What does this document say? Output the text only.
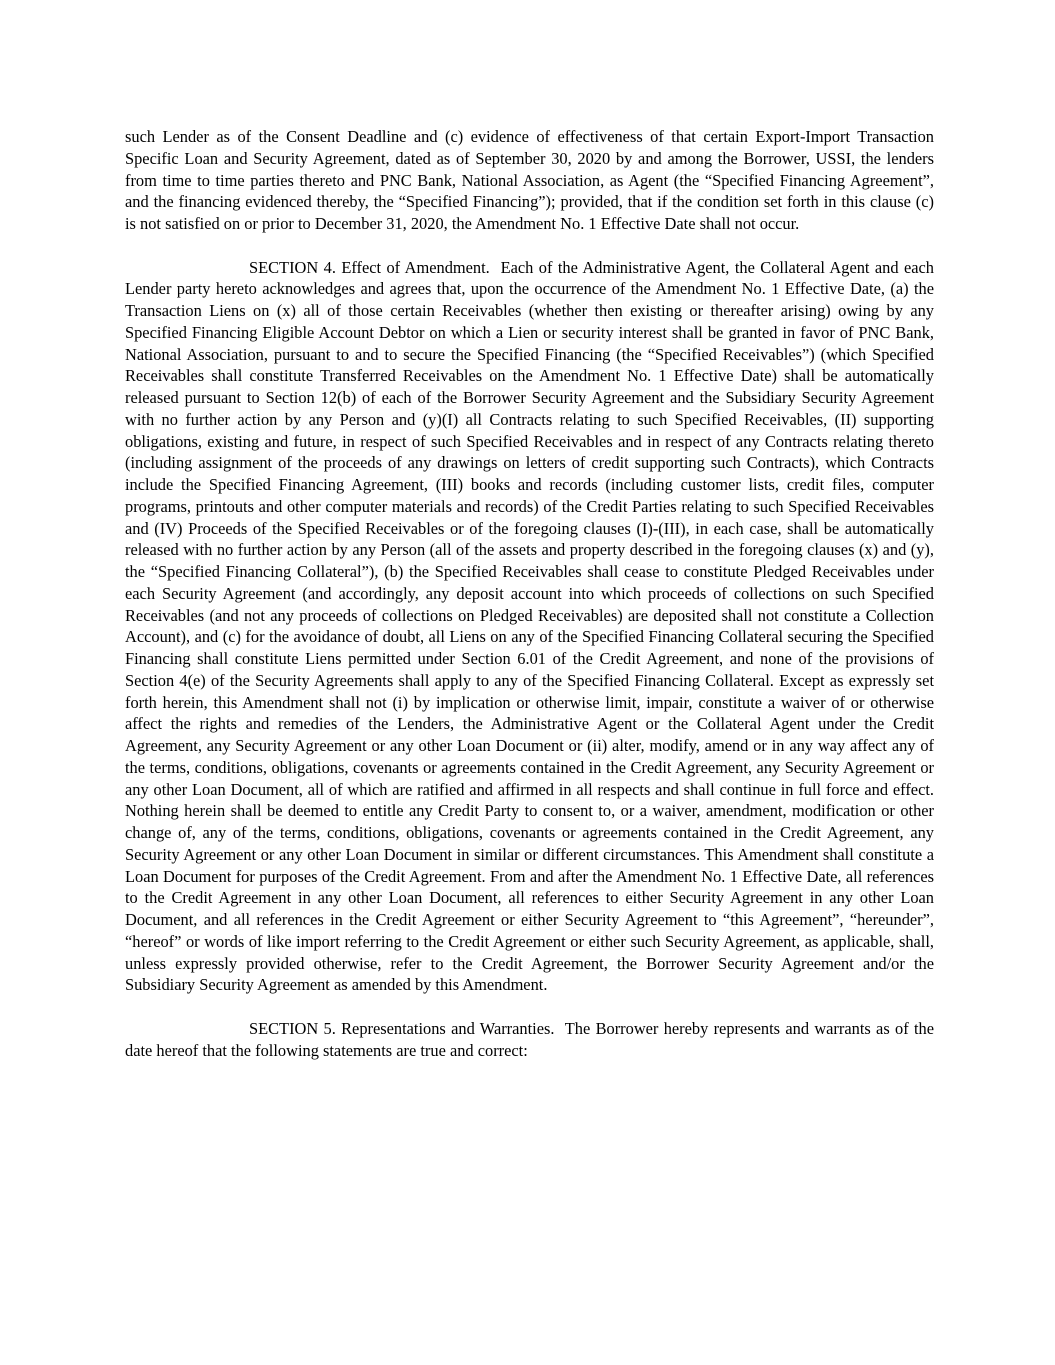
such Lender as of the Consent Deadline and (c) evidence of effectiveness of that certain Export-Import Transaction Specific Loan and Security Agreement, dated as of September 30, 2020 by and among the Borrower, USSI, the lenders from time to time parties thereto and PNC Bank, National Association, as Agent (the “Specified Financing Agreement”, and the financing evidenced thereby, the “Specified Financing”); provided, that if the condition set forth in this clause (c) is not satisfied on or prior to December 31, 2020, the Amendment No. 1 Effective Date shall not occur.

SECTION 4. Effect of Amendment. Each of the Administrative Agent, the Collateral Agent and each Lender party hereto acknowledges and agrees that, upon the occurrence of the Amendment No. 1 Effective Date, (a) the Transaction Liens on (x) all of those certain Receivables (whether then existing or thereafter arising) owing by any Specified Financing Eligible Account Debtor on which a Lien or security interest shall be granted in favor of PNC Bank, National Association, pursuant to and to secure the Specified Financing (the “Specified Receivables”) (which Specified Receivables shall constitute Transferred Receivables on the Amendment No. 1 Effective Date) shall be automatically released pursuant to Section 12(b) of each of the Borrower Security Agreement and the Subsidiary Security Agreement with no further action by any Person and (y)(I) all Contracts relating to such Specified Receivables, (II) supporting obligations, existing and future, in respect of such Specified Receivables and in respect of any Contracts relating thereto (including assignment of the proceeds of any drawings on letters of credit supporting such Contracts), which Contracts include the Specified Financing Agreement, (III) books and records (including customer lists, credit files, computer programs, printouts and other computer materials and records) of the Credit Parties relating to such Specified Receivables and (IV) Proceeds of the Specified Receivables or of the foregoing clauses (I)-(III), in each case, shall be automatically released with no further action by any Person (all of the assets and property described in the foregoing clauses (x) and (y), the “Specified Financing Collateral”), (b) the Specified Receivables shall cease to constitute Pledged Receivables under each Security Agreement (and accordingly, any deposit account into which proceeds of collections on such Specified Receivables (and not any proceeds of collections on Pledged Receivables) are deposited shall not constitute a Collection Account), and (c) for the avoidance of doubt, all Liens on any of the Specified Financing Collateral securing the Specified Financing shall constitute Liens permitted under Section 6.01 of the Credit Agreement, and none of the provisions of Section 4(e) of the Security Agreements shall apply to any of the Specified Financing Collateral. Except as expressly set forth herein, this Amendment shall not (i) by implication or otherwise limit, impair, constitute a waiver of or otherwise affect the rights and remedies of the Lenders, the Administrative Agent or the Collateral Agent under the Credit Agreement, any Security Agreement or any other Loan Document or (ii) alter, modify, amend or in any way affect any of the terms, conditions, obligations, covenants or agreements contained in the Credit Agreement, any Security Agreement or any other Loan Document, all of which are ratified and affirmed in all respects and shall continue in full force and effect. Nothing herein shall be deemed to entitle any Credit Party to consent to, or a waiver, amendment, modification or other change of, any of the terms, conditions, obligations, covenants or agreements contained in the Credit Agreement, any Security Agreement or any other Loan Document in similar or different circumstances. This Amendment shall constitute a Loan Document for purposes of the Credit Agreement. From and after the Amendment No. 1 Effective Date, all references to the Credit Agreement in any other Loan Document, all references to either Security Agreement in any other Loan Document, and all references in the Credit Agreement or either Security Agreement to “this Agreement”, “hereunder”, “hereof” or words of like import referring to the Credit Agreement or either such Security Agreement, as applicable, shall, unless expressly provided otherwise, refer to the Credit Agreement, the Borrower Security Agreement and/or the Subsidiary Security Agreement as amended by this Amendment.

SECTION 5. Representations and Warranties. The Borrower hereby represents and warrants as of the date hereof that the following statements are true and correct:
